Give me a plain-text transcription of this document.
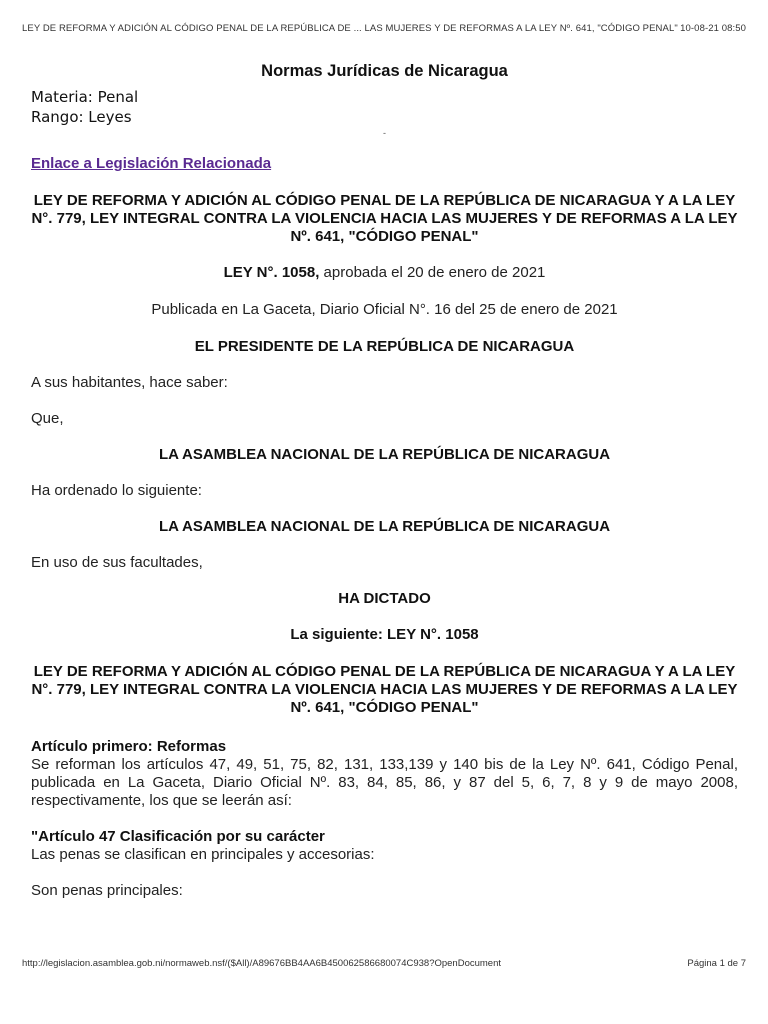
LEY DE REFORMA Y ADICIÓN AL CÓDIGO PENAL DE LA REPÚBLICA DE ... LAS MUJERES Y DE REFORMAS A LA LEY Nº. 641, "CÓDIGO PENAL" 10-08-21 08:50

Normas Jurídicas de Nicaragua

Materia: Penal

Rango: Leyes

-

Enlace a Legislación Relacionada

LEY DE REFORMA Y ADICIÓN AL CÓDIGO PENAL DE LA REPÚBLICA DE NICARAGUA Y A LA LEY N°. 779, LEY INTEGRAL CONTRA LA VIOLENCIA HACIA LAS MUJERES Y DE REFORMAS A LA LEY Nº. 641, "CÓDIGO PENAL"

LEY N°. 1058, aprobada el 20 de enero de 2021

Publicada en La Gaceta, Diario Oficial N°. 16 del 25 de enero de 2021

EL PRESIDENTE DE LA REPÚBLICA DE NICARAGUA

A sus habitantes, hace saber:

Que,

LA ASAMBLEA NACIONAL DE LA REPÚBLICA DE NICARAGUA

Ha ordenado lo siguiente:

LA ASAMBLEA NACIONAL DE LA REPÚBLICA DE NICARAGUA

En uso de sus facultades,

HA DICTADO

La siguiente: LEY N°. 1058

LEY DE REFORMA Y ADICIÓN AL CÓDIGO PENAL DE LA REPÚBLICA DE NICARAGUA Y A LA LEY N°. 779, LEY INTEGRAL CONTRA LA VIOLENCIA HACIA LAS MUJERES Y DE REFORMAS A LA LEY Nº. 641, "CÓDIGO PENAL"

Artículo primero: Reformas

Se reforman los artículos 47, 49, 51, 75, 82, 131, 133,139 y 140 bis de la Ley Nº. 641, Código Penal, publicada en La Gaceta, Diario Oficial Nº. 83, 84, 85, 86, y 87 del 5, 6, 7, 8 y 9 de mayo 2008, respectivamente, los que se leerán así:

"Artículo 47 Clasificación por su carácter

Las penas se clasifican en principales y accesorias:

Son penas principales:

http://legislacion.asamblea.gob.ni/normaweb.nsf/($All)/A89676BB4AA6B450062586680074C938?OpenDocument	Página 1 de 7
